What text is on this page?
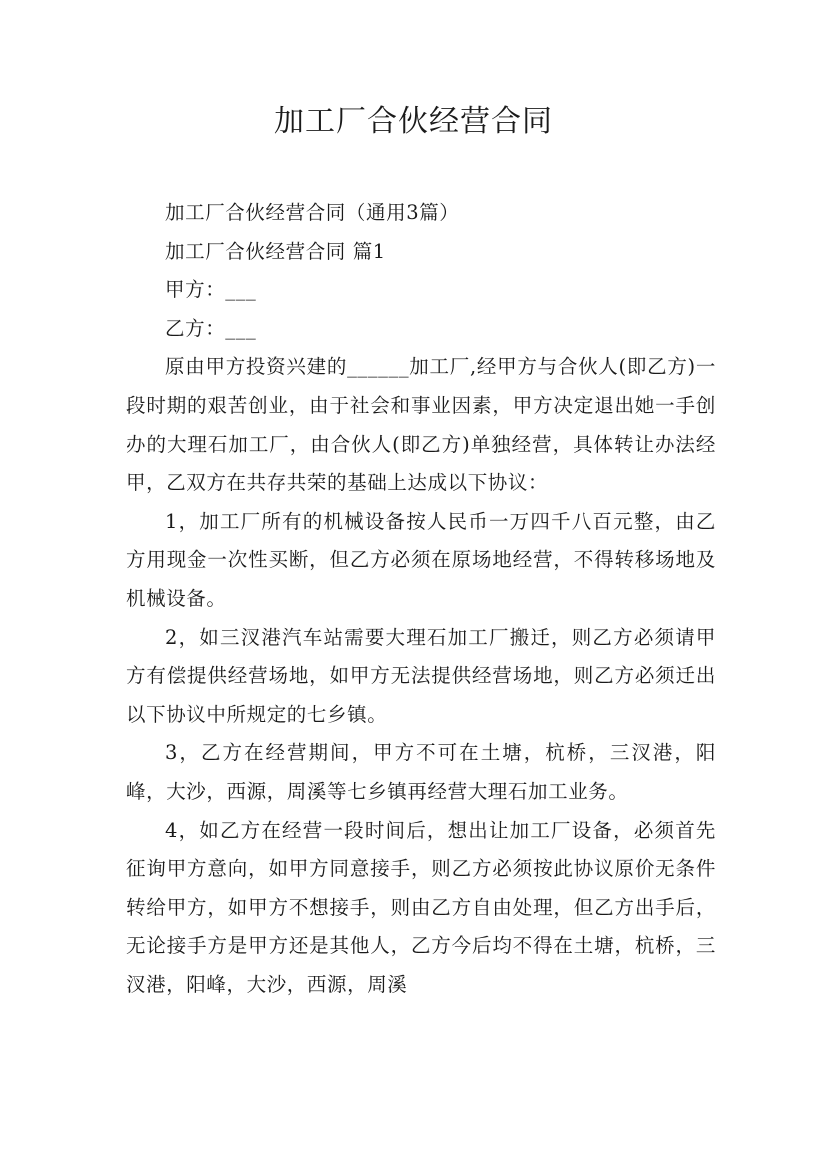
加工厂合伙经营合同

加工厂合伙经营合同（通用3篇）

加工厂合伙经营合同 篇1

甲方：___

乙方：___

原由甲方投资兴建的______加工厂,经甲方与合伙人(即乙方)一段时期的艰苦创业，由于社会和事业因素，甲方决定退出她一手创办的大理石加工厂，由合伙人(即乙方)单独经营，具体转让办法经甲，乙双方在共存共荣的基础上达成以下协议：

1，加工厂所有的机械设备按人民币一万四千八百元整，由乙方用现金一次性买断，但乙方必须在原场地经营，不得转移场地及机械设备。

2，如三汊港汽车站需要大理石加工厂搬迁，则乙方必须请甲方有偿提供经营场地，如甲方无法提供经营场地，则乙方必须迁出以下协议中所规定的七乡镇。

3，乙方在经营期间，甲方不可在土塘，杭桥，三汊港，阳峰，大沙，西源，周溪等七乡镇再经营大理石加工业务。

4，如乙方在经营一段时间后，想出让加工厂设备，必须首先征询甲方意向，如甲方同意接手，则乙方必须按此协议原价无条件转给甲方，如甲方不想接手，则由乙方自由处理，但乙方出手后，无论接手方是甲方还是其他人，乙方今后均不得在土塘，杭桥，三汊港，阳峰，大沙，西源，周溪
